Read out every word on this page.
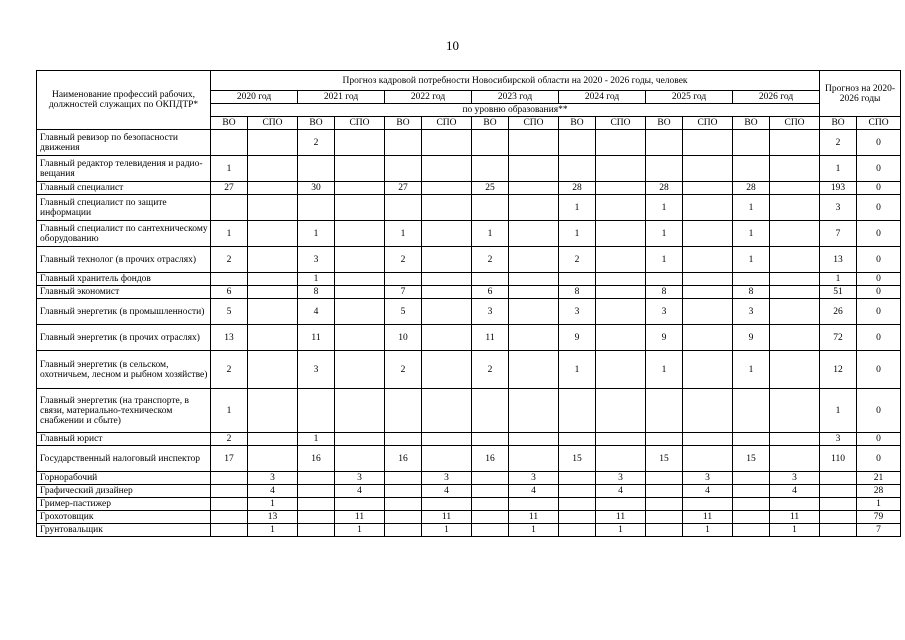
10
Наименование профессий рабочих, должностей служащих по ОКПДТР*	Прогноз кадровой потребности Новосибирской области на 2020 - 2026 годы, человек														Прогноз на 2020-2026 годы	
	2020 год		2021 год		2022 год		2023 год		2024 год		2025 год		2026 год			
	по уровню образования**															
	ВО	СПО	ВО	СПО	ВО	СПО	ВО	СПО	ВО	СПО	ВО	СПО	ВО	СПО	ВО	СПО
Главный ревизор по безопасности движения			2												2	0
Главный редактор телевидения и радио-вещания	1														1	0
Главный специалист	27		30		27		25		28		28		28		193	0
Главный специалист по защите информации									1		1		1		3	0
Главный специалист по сантехническому оборудованию	1		1		1		1		1		1		1		7	0
Главный технолог (в прочих отраслях)	2		3		2		2		2		1		1		13	0
Главный хранитель фондов			1												1	0
Главный экономист	6		8		7		6		8		8		8		51	0
Главный энергетик (в промышленности)	5		4		5		3		3		3		3		26	0
Главный энергетик (в прочих отраслях)	13		11		10		11		9		9		9		72	0
Главный энергетик (в сельском, охотничьем, лесном и рыбном хозяйстве)	2		3		2		2		1		1		1		12	0
Главный энергетик (на транспорте, в связи, материально-техническом снабжении и сбыте)	1														1	0
Главный юрист	2		1												3	0
Государственный налоговый инспектор	17		16		16		16		15		15		15		110	0
Горнорабочий		3		3		3		3		3		3		3		21
Графический дизайнер		4		4		4		4		4		4		4		28
Гример-пастижер		1														1
Грохотовщик		13		11		11		11		11		11		11		79
Грунтовальщик		1		1		1		1		1		1		1		7
